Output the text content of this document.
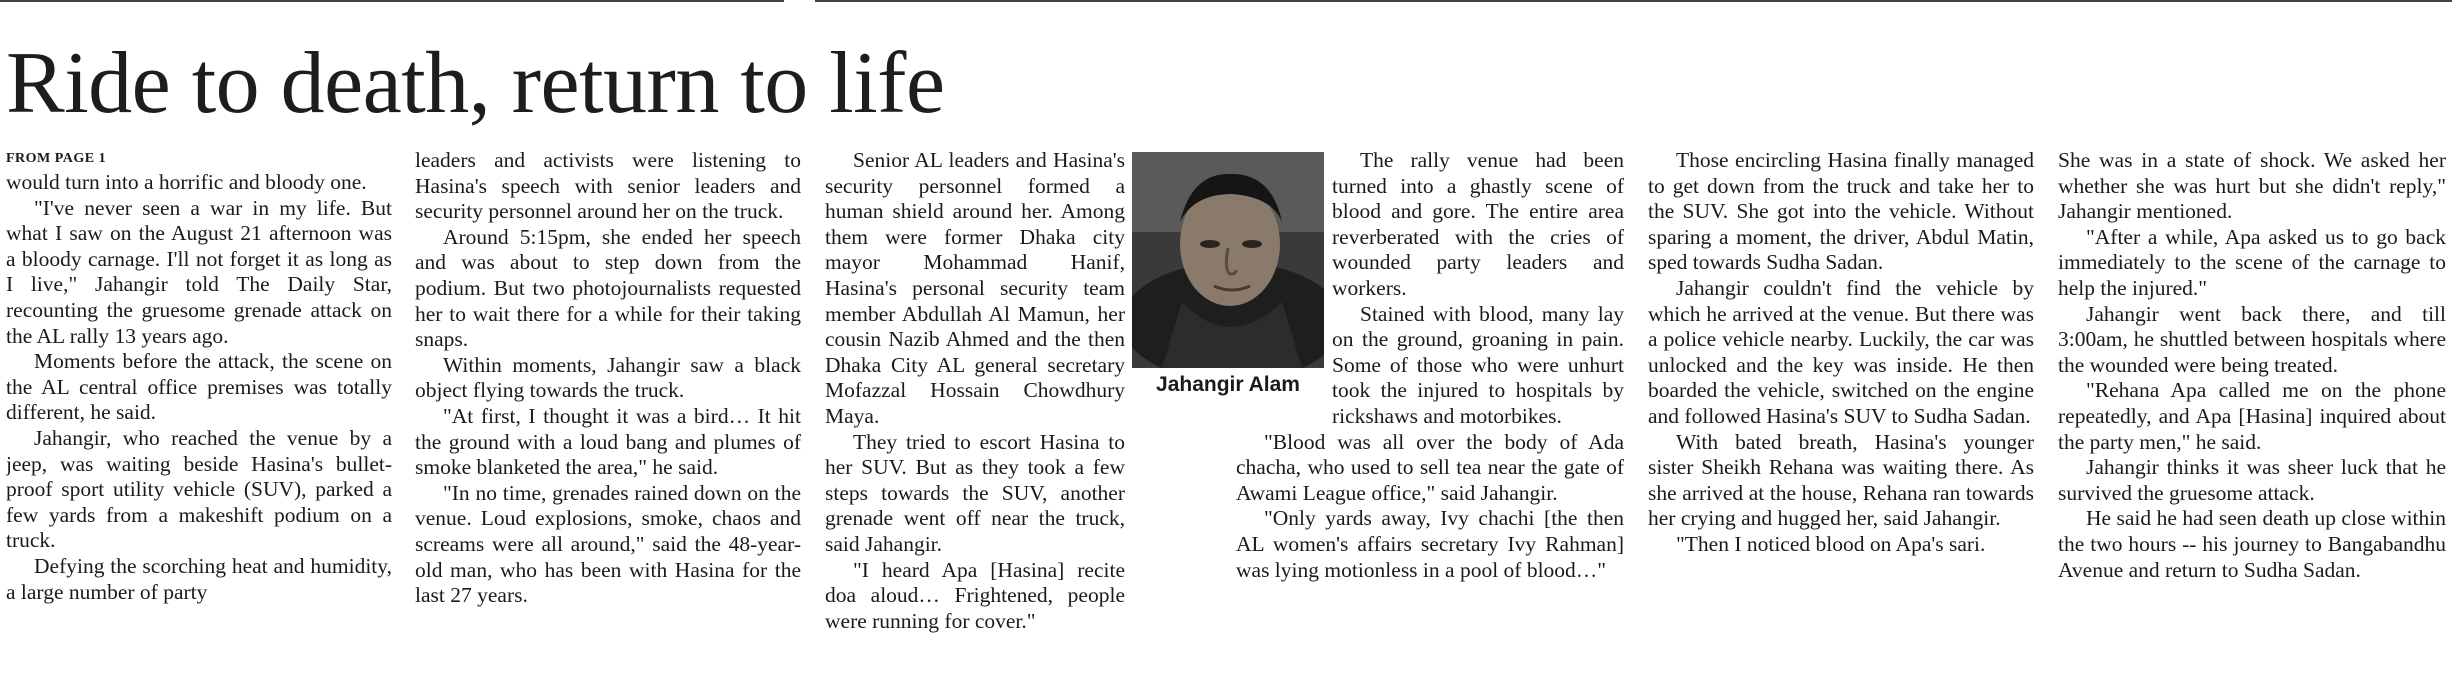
Ride to death, return to life
FROM PAGE 1

would turn into a horrific and bloody one.

"I've never seen a war in my life. But what I saw on the August 21 afternoon was a bloody carnage. I'll not forget it as long as I live," Jahangir told The Daily Star, recounting the gruesome grenade attack on the AL rally 13 years ago.

Moments before the attack, the scene on the AL central office premises was totally different, he said.

Jahangir, who reached the venue by a jeep, was waiting beside Hasina's bullet-proof sport utility vehicle (SUV), parked a few yards from a makeshift podium on a truck.

Defying the scorching heat and humidity, a large number of party

leaders and activists were listening to Hasina's speech with senior leaders and security personnel around her on the truck.

Around 5:15pm, she ended her speech and was about to step down from the podium. But two photojournalists requested her to wait there for a while for their taking snaps.

Within moments, Jahangir saw a black object flying towards the truck.

"At first, I thought it was a bird… It hit the ground with a loud bang and plumes of smoke blanketed the area," he said.

"In no time, grenades rained down on the venue. Loud explosions, smoke, chaos and screams were all around," said the 48-year-old man, who has been with Hasina for the last 27 years.

Senior AL leaders and Hasina's security personnel formed a human shield around her. Among them were former Dhaka city mayor Mohammad Hanif, Hasina's personal security team member Abdullah Al Mamun, her cousin Nazib Ahmed and the then Dhaka City AL general secretary Mofazzal Hossain Chowdhury Maya.

They tried to escort Hasina to her SUV. But as they took a few steps towards the SUV, another grenade went off near the truck, said Jahangir.

"I heard Apa [Hasina] recite doa aloud… Frightened, people were running for cover."

Jahangir Alam

The rally venue had been turned into a ghastly scene of blood and gore. The entire area reverberated with the cries of wounded party leaders and workers.

Stained with blood, many lay on the ground, groaning in pain. Some of those who were unhurt took the injured to hospitals by rickshaws and motorbikes.

"Blood was all over the body of Ada chacha, who used to sell tea near the gate of Awami League office," said Jahangir.

"Only yards away, Ivy chachi [the then AL women's affairs secretary Ivy Rahman] was lying motionless in a pool of blood…"

Those encircling Hasina finally managed to get down from the truck and take her to the SUV. She got into the vehicle. Without sparing a moment, the driver, Abdul Matin, sped towards Sudha Sadan.

Jahangir couldn't find the vehicle by which he arrived at the venue. But there was a police vehicle nearby. Luckily, the car was unlocked and the key was inside. He then boarded the vehicle, switched on the engine and followed Hasina's SUV to Sudha Sadan.

With bated breath, Hasina's younger sister Sheikh Rehana was waiting there. As she arrived at the house, Rehana ran towards her crying and hugged her, said Jahangir.

"Then I noticed blood on Apa's sari.

She was in a state of shock. We asked her whether she was hurt but she didn't reply," Jahangir mentioned.

"After a while, Apa asked us to go back immediately to the scene of the carnage to help the injured."

Jahangir went back there, and till 3:00am, he shuttled between hospitals where the wounded were being treated.

"Rehana Apa called me on the phone repeatedly, and Apa [Hasina] inquired about the party men," he said.

Jahangir thinks it was sheer luck that he survived the gruesome attack.

He said he had seen death up close within the two hours -- his journey to Bangabandhu Avenue and return to Sudha Sadan.
